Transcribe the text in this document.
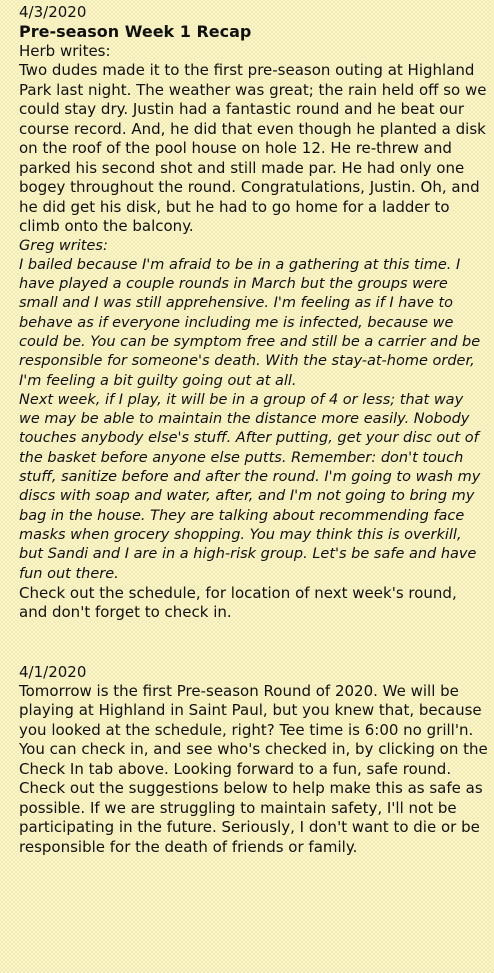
4/3/2020
Pre-season Week 1 Recap
Herb writes:

Two dudes made it to the first pre-season outing at Highland Park last night. The weather was great; the rain held off so we could stay dry. Justin had a fantastic round and he beat our course record. And, he did that even though he planted a disk on the roof of the pool house on hole 12. He re-threw and parked his second shot and still made par. He had only one bogey throughout the round. Congratulations, Justin. Oh, and he did get his disk, but he had to go home for a ladder to climb onto the balcony.

Greg writes:

I bailed because I'm afraid to be in a gathering at this time. I have played a couple rounds in March but the groups were small and I was still apprehensive. I'm feeling as if I have to behave as if everyone including me is infected, because we could be. You can be symptom free and still be a carrier and be responsible for someone's death. With the stay-at-home order, I'm feeling a bit guilty going out at all.

Next week, if I play, it will be in a group of 4 or less; that way we may be able to maintain the distance more easily. Nobody touches anybody else's stuff. After putting, get your disc out of the basket before anyone else putts. Remember: don't touch stuff, sanitize before and after the round. I'm going to wash my discs with soap and water, after, and I'm not going to bring my bag in the house. They are talking about recommending face masks when grocery shopping. You may think this is overkill, but Sandi and I are in a high-risk group. Let's be safe and have fun out there.

Check out the schedule, for location of next week's round, and don't forget to check in.

4/1/2020

Tomorrow is the first Pre-season Round of 2020. We will be playing at Highland in Saint Paul, but you knew that, because you looked at the schedule, right? Tee time is 6:00 no grill'n. You can check in, and see who's checked in, by clicking on the Check In tab above. Looking forward to a fun, safe round. Check out the suggestions below to help make this as safe as possible. If we are struggling to maintain safety, I'll not be participating in the future. Seriously, I don't want to die or be responsible for the death of friends or family.
